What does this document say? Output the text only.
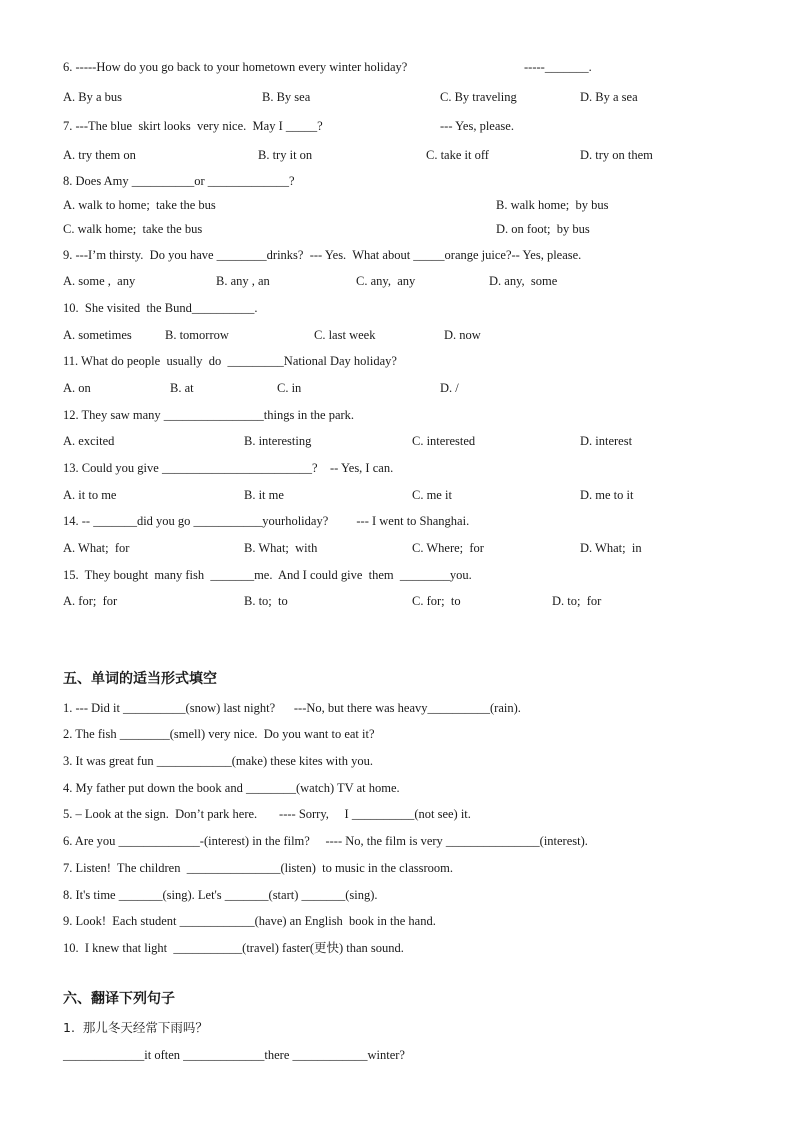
6. -----How do you go back to your hometown every winter holiday?	-----_______.
A. By a bus	B. By sea	C. By traveling	D. By a sea
7. ---The blue  skirt looks  very nice.  May I _____?	--- Yes, please.
A. try them on	B. try it on	C. take it off	D. try on them
8. Does Amy __________or _____________?
A. walk to home;  take the bus	B. walk home;  by bus
C. walk home;  take the bus	D. on foot;  by bus
9. ---I’m thirsty.  Do you have ________drinks?  --- Yes.  What about _____orange juice?-- Yes, please.
A. some ,  any	B. any , an	C. any,  any	D. any,  some
10.  She visited  the Bund__________.
A. sometimes	B. tomorrow	C. last week	D. now
11. What do people  usually  do  _________National Day holiday?
A. on	B. at	C. in	D. /
12. They saw many ________________things in the park.
A. excited	B. interesting	C. interested	D. interest
13. Could you give ________________________?    -- Yes, I can.
A. it to me	B. it me	C. me it	D. me to it
14. -- _______did you go ___________yourholiday?         --- I went to Shanghai.
A. What;  for	B. What;  with	C. Where;  for	D. What;  in
15.  They bought  many fish  _______me.  And I could give  them  ________you.
A. for;  for	B. to;  to	C. for;  to	D. to;  for
五、单词的适当形式填空
1. --- Did it __________(snow) last night?      ---No, but there was heavy__________(rain).
2. The fish ________(smell) very nice.  Do you want to eat it?
3. It was great fun ____________(make) these kites with you.
4. My father put down the book and ________(watch) TV at home.
5. – Look at the sign.  Don’t park here.       ---- Sorry,     I __________(not see) it.
6. Are you _____________-(interest) in the film?     ---- No, the film is very _______________(interest).
7. Listen!  The children  _______________(listen)  to music in the classroom.
8. It's time _______(sing). Let's _______(start) _______(sing).
9. Look!  Each student ____________(have) an English  book in the hand.
10.  I knew that light  ___________(travel) faster(更快) than sound.
六、翻译下列句子
1.  那儿冬天经常下雨吗？
_____________it often _____________there ____________winter?
